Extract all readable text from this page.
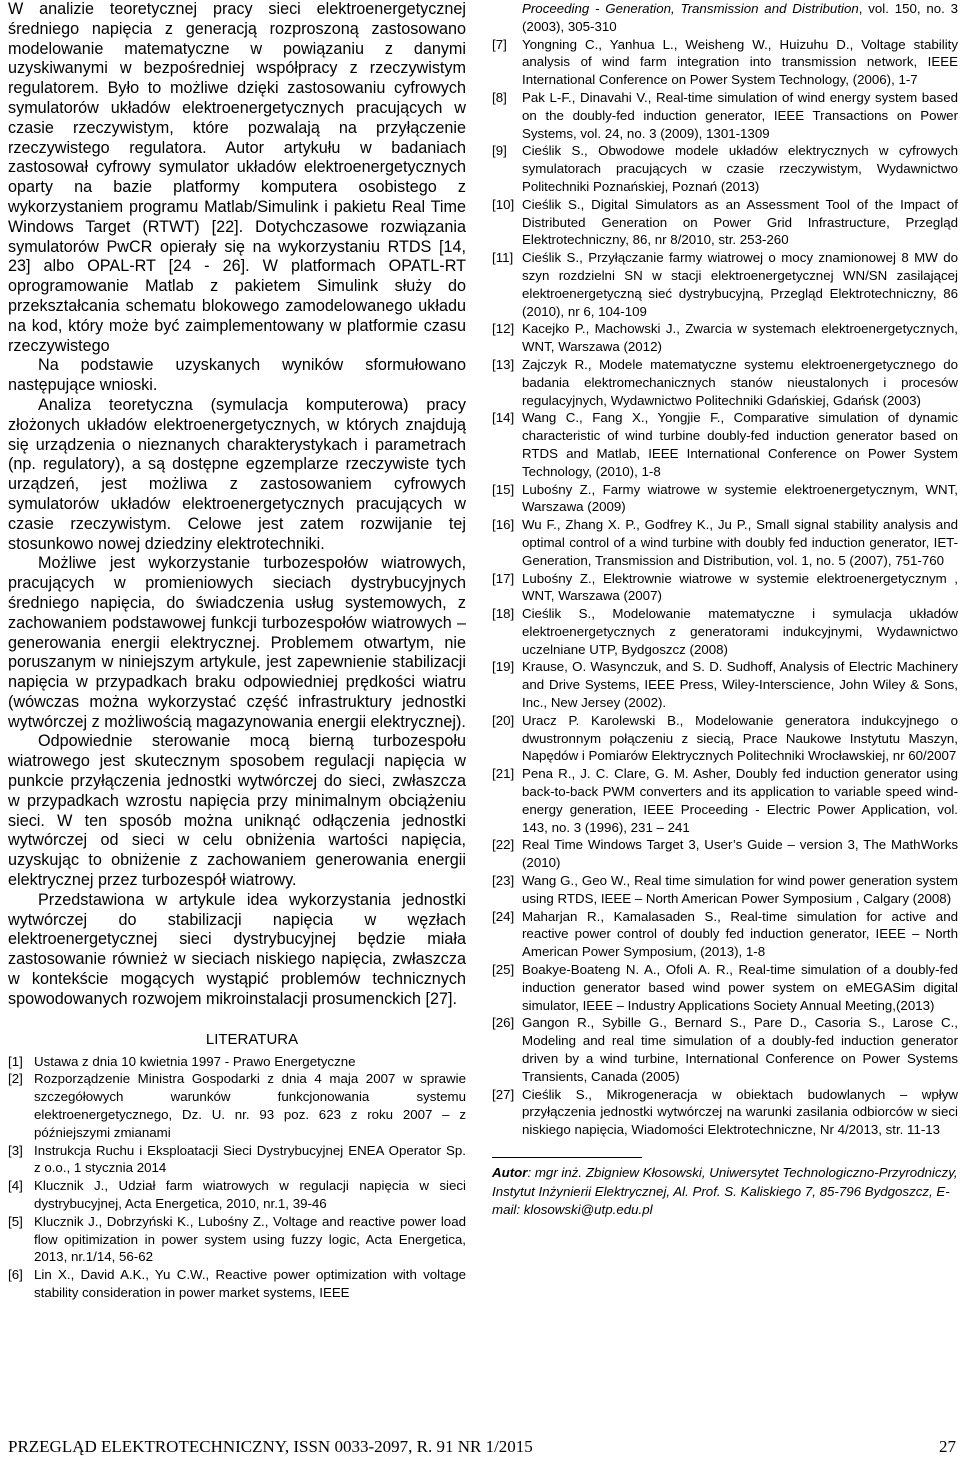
W analizie teoretycznej pracy sieci elektroenergetycznej średniego napięcia z generacją rozproszoną zastosowano modelowanie matematyczne w powiązaniu z danymi uzyskiwanymi w bezpośredniej współpracy z rzeczywistym regulatorem. Było to możliwe dzięki zastosowaniu cyfrowych symulatorów układów elektroenergetycznych pracujących w czasie rzeczywistym, które pozwalają na przyłączenie rzeczywistego regulatora. Autor artykułu w badaniach zastosował cyfrowy symulator układów elektroenergetycznych oparty na bazie platformy komputera osobistego z wykorzystaniem programu Matlab/Simulink i pakietu Real Time Windows Target (RTWT) [22]. Dotychczasowe rozwiązania symulatorów PwCR opierały się na wykorzystaniu RTDS [14, 23] albo OPAL-RT [24 - 26]. W platformach OPATL-RT oprogramowanie Matlab z pakietem Simulink służy do przekształcania schematu blokowego zamodelowanego układu na kod, który może być zaimplementowany w platformie czasu rzeczywistego

Na podstawie uzyskanych wyników sformułowano następujące wnioski.

Analiza teoretyczna (symulacja komputerowa) pracy złożonych układów elektroenergetycznych, w których znajdują się urządzenia o nieznanych charakterystykach i parametrach (np. regulatory), a są dostępne egzemplarze rzeczywiste tych urządzeń, jest możliwa z zastosowaniem cyfrowych symulatorów układów elektroenergetycznych pracujących w czasie rzeczywistym. Celowe jest zatem rozwijanie tej stosunkowo nowej dziedziny elektrotechniki.

Możliwe jest wykorzystanie turbozespołów wiatrowych, pracujących w promieniowych sieciach dystrybucyjnych średniego napięcia, do świadczenia usług systemowych, z zachowaniem podstawowej funkcji turbozespołów wiatrowych – generowania energii elektrycznej. Problemem otwartym, nie poruszanym w niniejszym artykule, jest zapewnienie stabilizacji napięcia w przypadkach braku odpowiedniej prędkości wiatru (wówczas można wykorzystać część infrastruktury jednostki wytwórczej z możliwością magazynowania energii elektrycznej).

Odpowiednie sterowanie mocą bierną turbozespołu wiatrowego jest skutecznym sposobem regulacji napięcia w punkcie przyłączenia jednostki wytwórczej do sieci, zwłaszcza w przypadkach wzrostu napięcia przy minimalnym obciążeniu sieci. W ten sposób można uniknąć odłączenia jednostki wytwórczej od sieci w celu obniżenia wartości napięcia, uzyskując to obniżenie z zachowaniem generowania energii elektrycznej przez turbozespół wiatrowy.

Przedstawiona w artykule idea wykorzystania jednostki wytwórczej do stabilizacji napięcia w węzłach elektroenergetycznej sieci dystrybucyjnej będzie miała zastosowanie również w sieciach niskiego napięcia, zwłaszcza w kontekście mogących wystąpić problemów technicznych spowodowanych rozwojem mikroinstalacji prosumenckich [27].

LITERATURA
[1] Ustawa z dnia 10 kwietnia 1997 - Prawo Energetyczne
[2] Rozporządzenie Ministra Gospodarki z dnia 4 maja 2007 w sprawie szczegółowych warunków funkcjonowania systemu elektroenergetycznego, Dz. U. nr. 93 poz. 623 z roku 2007 – z późniejszymi zmianami
[3] Instrukcja Ruchu i Eksploatacji Sieci Dystrybucyjnej ENEA Operator Sp. z o.o., 1 stycznia 2014
[4] Klucznik J., Udział farm wiatrowych w regulacji napięcia w sieci dystrybucyjnej, Acta Energetica, 2010, nr.1, 39-46
[5] Klucznik J., Dobrzyński K., Lubośny Z., Voltage and reactive power load flow opitimization in power system using fuzzy logic, Acta Energetica, 2013, nr.1/14, 56-62
[6] Lin X., David A.K., Yu C.W., Reactive power optimization with voltage stability consideration in power market systems, IEEE
Proceeding - Generation, Transmission and Distribution, vol. 150, no. 3 (2003), 305-310
[7]	Yongning C., Yanhua L., Weisheng W., Huizuhu D., Voltage stability analysis of wind farm integration into transmission network, IEEE International Conference on Power System Technology, (2006), 1-7
[8]	Pak L-F., Dinavahi V., Real-time simulation of wind energy system based on the doubly-fed induction generator, IEEE Transactions on Power Systems, vol. 24, no. 3 (2009), 1301-1309
[9]	Cieślik S., Obwodowe modele układów elektrycznych w cyfrowych symulatorach pracujących w czasie rzeczywistym, Wydawnictwo Politechniki Poznańskiej, Poznań (2013)
[10] Cieślik S., Digital Simulators as an Assessment Tool of the Impact of Distributed Generation on Power Grid Infrastructure, Przegląd Elektrotechniczny, 86, nr 8/2010, str. 253-260
[11] Cieślik S., Przyłączanie farmy wiatrowej o mocy znamionowej 8 MW do szyn rozdzielni SN w stacji elektroenergetycznej WN/SN zasilającej elektroenergetyczną sieć dystrybucyjną, Przegląd Elektrotechniczny, 86 (2010), nr 6, 104-109
[12] Kacejko P., Machowski J., Zwarcia w systemach elektroenergetycznych, WNT, Warszawa (2012)
[13] Zajczyk R., Modele matematyczne systemu elektroenergetycznego do badania elektromechanicznych stanów nieustalonych i procesów regulacyjnych, Wydawnictwo Politechniki Gdańskiej, Gdańsk (2003)
[14] Wang C., Fang X., Yongjie F., Comparative simulation of dynamic characteristic of wind turbine doubly-fed induction generator based on RTDS and Matlab, IEEE International Conference on Power System Technology, (2010), 1-8
[15] Lubośny Z., Farmy wiatrowe w systemie elektroenergetycznym, WNT, Warszawa (2009)
[16] Wu F., Zhang X. P., Godfrey K., Ju P., Small signal stability analysis and optimal control of a wind turbine with doubly fed induction generator, IET- Generation, Transmission and Distribution, vol. 1, no. 5 (2007), 751-760
[17] Lubośny Z., Elektrownie wiatrowe w systemie elektroenergetycznym , WNT, Warszawa (2007)
[18] Cieślik S., Modelowanie matematyczne i symulacja układów elektroenergetycznych z generatorami indukcyjnymi, Wydawnictwo uczelniane UTP, Bydgoszcz (2008)
[19] Krause, O. Wasynczuk, and S. D. Sudhoff, Analysis of Electric Machinery and Drive Systems, IEEE Press, Wiley-Interscience, John Wiley & Sons, Inc., New Jersey (2002).
[20] Uracz P. Karolewski B., Modelowanie generatora indukcyjnego o dwustronnym połączeniu z siecią, Prace Naukowe Instytutu Maszyn, Napędów i Pomiarów Elektrycznych Politechniki Wrocławskiej, nr 60/2007
[21] Pena R., J. C. Clare, G. M. Asher, Doubly fed induction generator using back-to-back PWM converters and its application to variable speed wind-energy generation, IEEE Proceeding - Electric Power Application, vol. 143, no. 3 (1996), 231 – 241
[22] Real Time Windows Target 3, User’s Guide – version 3, The MathWorks (2010)
[23] Wang G., Geo W., Real time simulation for wind power generation system using RTDS, IEEE – North American Power Symposium , Calgary (2008)
[24] Maharjan R., Kamalasaden S., Real-time simulation for active and reactive power control of doubly fed induction generator, IEEE – North American Power Symposium, (2013), 1-8
[25] Boakye-Boateng N. A., Ofoli A. R., Real-time simulation of a doubly-fed induction generator based wind power system on eMEGASim digital simulator, IEEE – Industry Applications Society Annual Meeting,(2013)
[26] Gangon R., Sybille G., Bernard S., Pare D., Casoria S., Larose C., Modeling and real time simulation of a doubly-fed induction generator driven by a wind turbine, International Conference on Power Systems Transients, Canada (2005)
[27] Cieślik S., Mikrogeneracja w obiektach budowlanych – wpływ przyłączenia jednostki wytwórczej na warunki zasilania odbiorców w sieci niskiego napięcia, Wiadomości Elektrotechniczne, Nr 4/2013, str. 11-13
Autor: mgr inż. Zbigniew Kłosowski, Uniwersytet Technologiczno-Przyrodniczy, Instytut Inżynierii Elektrycznej, Al. Prof. S. Kaliskiego 7, 85-796 Bydgoszcz, E-mail: klosowski@utp.edu.pl
PRZEGLĄD ELEKTROTECHNICZNY, ISSN 0033-2097, R. 91 NR 1/2015	27
